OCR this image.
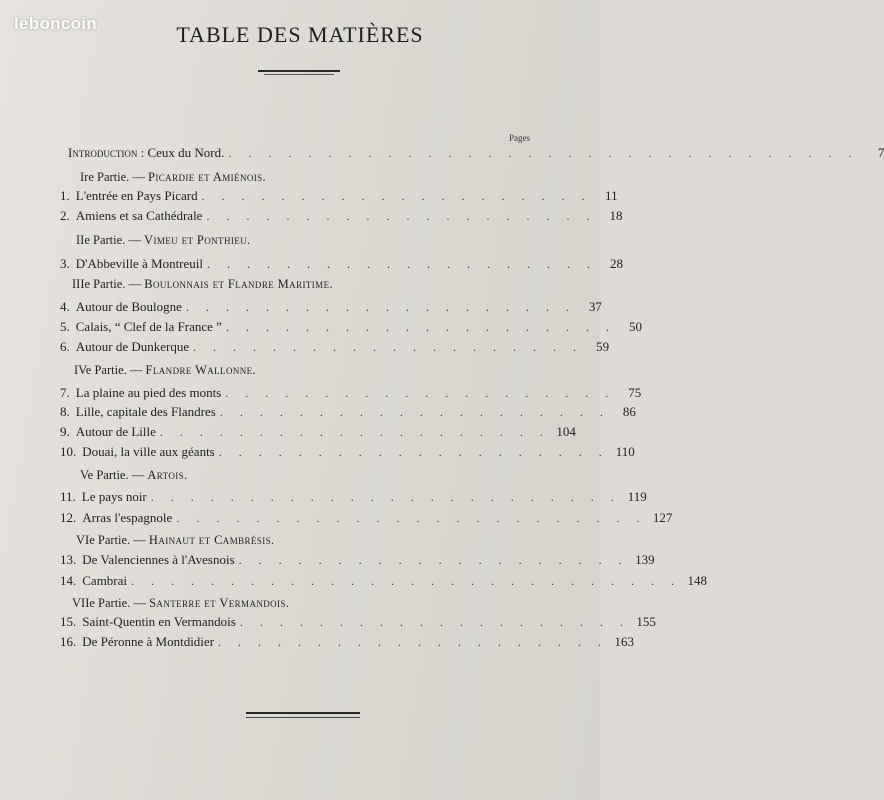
leboncoin	TABLE DES MATIÈRES
Pages
Introduction : Ceux du Nord. . . . . . . . . . . . . . . . . . . . . . . . . . . . . . . . .	7
Ire Partie. — Picardie et Amiénois.
1. L'entrée en Pays Picard . . . . . . . . . . . . . . . . . . . .	11
2. Amiens et sa Cathédrale . . . . . . . . . . . . . . . . . . . .	18
IIe Partie. — Vimeu et Ponthieu.
3. D'Abbeville à Montreuil . . . . . . . . . . . . . . . . . . . .	28
IIIe Partie. — Boulonnais et Flandre Maritime.
4. Autour de Boulogne . . . . . . . . . . . . . . . . . . . .	37
5. Calais, “ Clef de la France ” . . . . . . . . . . . . . . . . . . . .	50
6. Autour de Dunkerque . . . . . . . . . . . . . . . . . . . .	59
IVe Partie. — Flandre Wallonne.
7. La plaine au pied des monts . . . . . . . . . . . . . . . . . . . .	75
8. Lille, capitale des Flandres . . . . . . . . . . . . . . . . . . . .	86
9. Autour de Lille . . . . . . . . . . . . . . . . . . . . 104
10. Douai, la ville aux géants . . . . . . . . . . . . . . . . . . . . 110
Ve Partie. — Artois.
11. Le pays noir . . . . . . . . . . . . . . . . . . . . . . . . 119
12. Arras l'espagnole . . . . . . . . . . . . . . . . . . . . . . . . 127
VIe Partie. — Hainaut et Cambrésis.
13. De Valenciennes à l'Avesnois . . . . . . . . . . . . . . . . . . . . 139
14. Cambrai . . . . . . . . . . . . . . . . . . . . . . . . . . . . 148
VIIe Partie. — Santerre et Vermandois.
15. Saint-Quentin en Vermandois . . . . . . . . . . . . . . . . . . . . 155
16. De Péronne à Montdidier . . . . . . . . . . . . . . . . . . . . 163
